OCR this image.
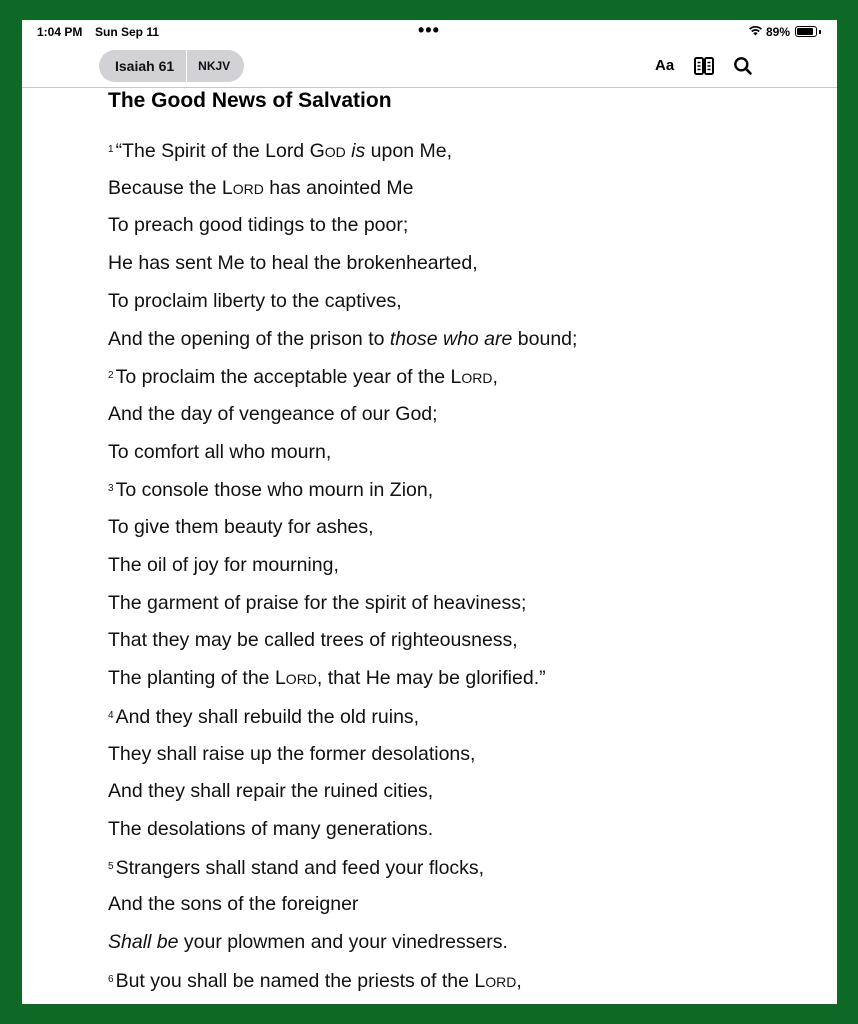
1:04 PM Sun Sep 11	•••	89%
Isaiah 61	NKJV	Aa
The Good News of Salvation
$^1$ “The Spirit of the Lord God is upon Me,
Because the Lord has anointed Me
To preach good tidings to the poor;
He has sent Me to heal the brokenhearted,
To proclaim liberty to the captives,
And the opening of the prison to those who are bound;
$^2$ To proclaim the acceptable year of the Lord,
And the day of vengeance of our God;
To comfort all who mourn,
$^3$ To console those who mourn in Zion,
To give them beauty for ashes,
The oil of joy for mourning,
The garment of praise for the spirit of heaviness;
That they may be called trees of righteousness,
The planting of the Lord, that He may be glorified.”
$^4$ And they shall rebuild the old ruins,
They shall raise up the former desolations,
And they shall repair the ruined cities,
The desolations of many generations.
$^5$ Strangers shall stand and feed your flocks,
And the sons of the foreigner
Shall be your plowmen and your vinedressers.
$^6$ But you shall be named the priests of the Lord,
